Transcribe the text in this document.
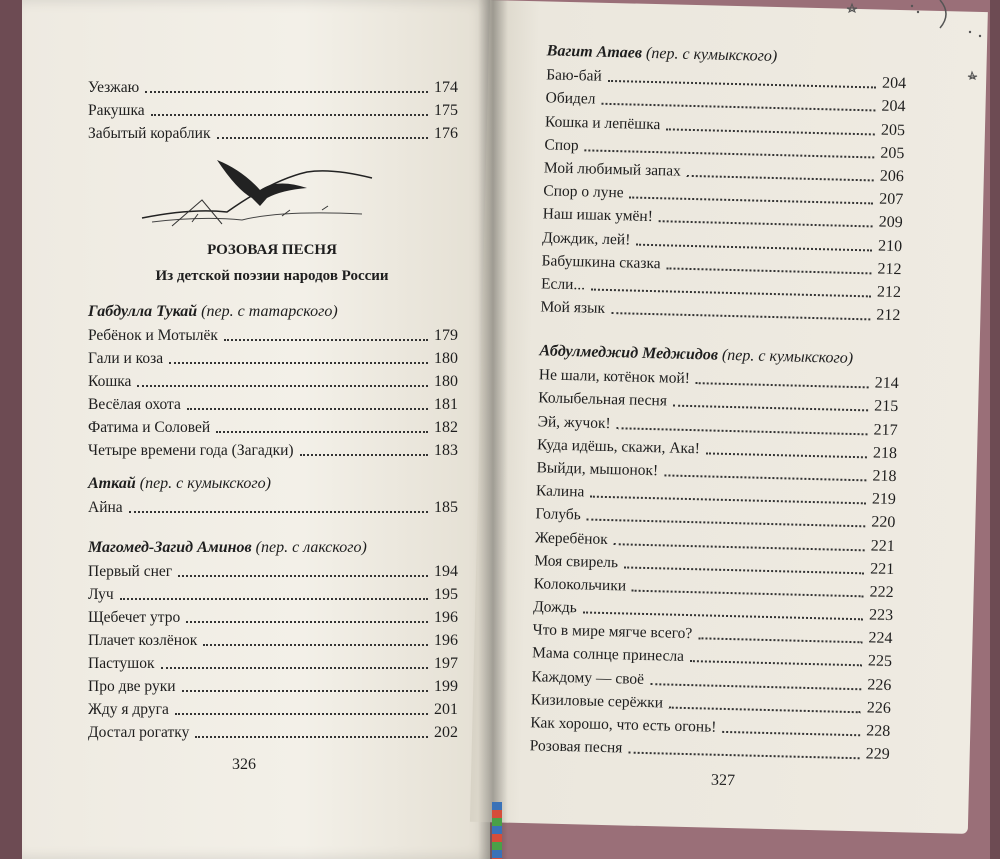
Уезжаю	174
Ракушка	175
Забытый кораблик	176
РОЗОВАЯ ПЕСНЯ
Из детской поэзии народов России
Габдулла Тукай (пер. с татарского)
Ребёнок и Мотылёк	179
Гали и коза	180
Кошка	180
Весёлая охота	181
Фатима и Соловей	182
Четыре времени года (Загадки)	183
Аткай (пер. с кумыкского)
Айна	185
Магомед-Загид Аминов (пер. с лакского)
Первый снег	194
Луч	195
Щебечет утро	196
Плачет козлёнок	196
Пастушок	197
Про две руки	199
Жду я друга	201
Достал рогатку	202
326
Вагит Атаев (пер. с кумыкского)
Баю-бай	204
Обидел	204
Кошка и лепёшка	205
Спор	205
Мой любимый запах	206
Спор о луне	207
Наш ишак умён!	209
Дождик, лей!	210
Бабушкина сказка	212
Если...	212
Мой язык	212
Абдулмеджид Меджидов (пер. с кумыкского)
Не шали, котёнок мой!	214
Колыбельная песня	215
Эй, жучок!	217
Куда идёшь, скажи, Ака!	218
Выйди, мышонок!	218
Калина	219
Голубь	220
Жеребёнок	221
Моя свирель	221
Колокольчики	222
Дождь	223
Что в мире мягче всего?	224
Мама солнце принесла	225
Каждому — своё	226
Кизиловые серёжки	226
Как хорошо, что есть огонь!	228
Розовая песня	229
327
